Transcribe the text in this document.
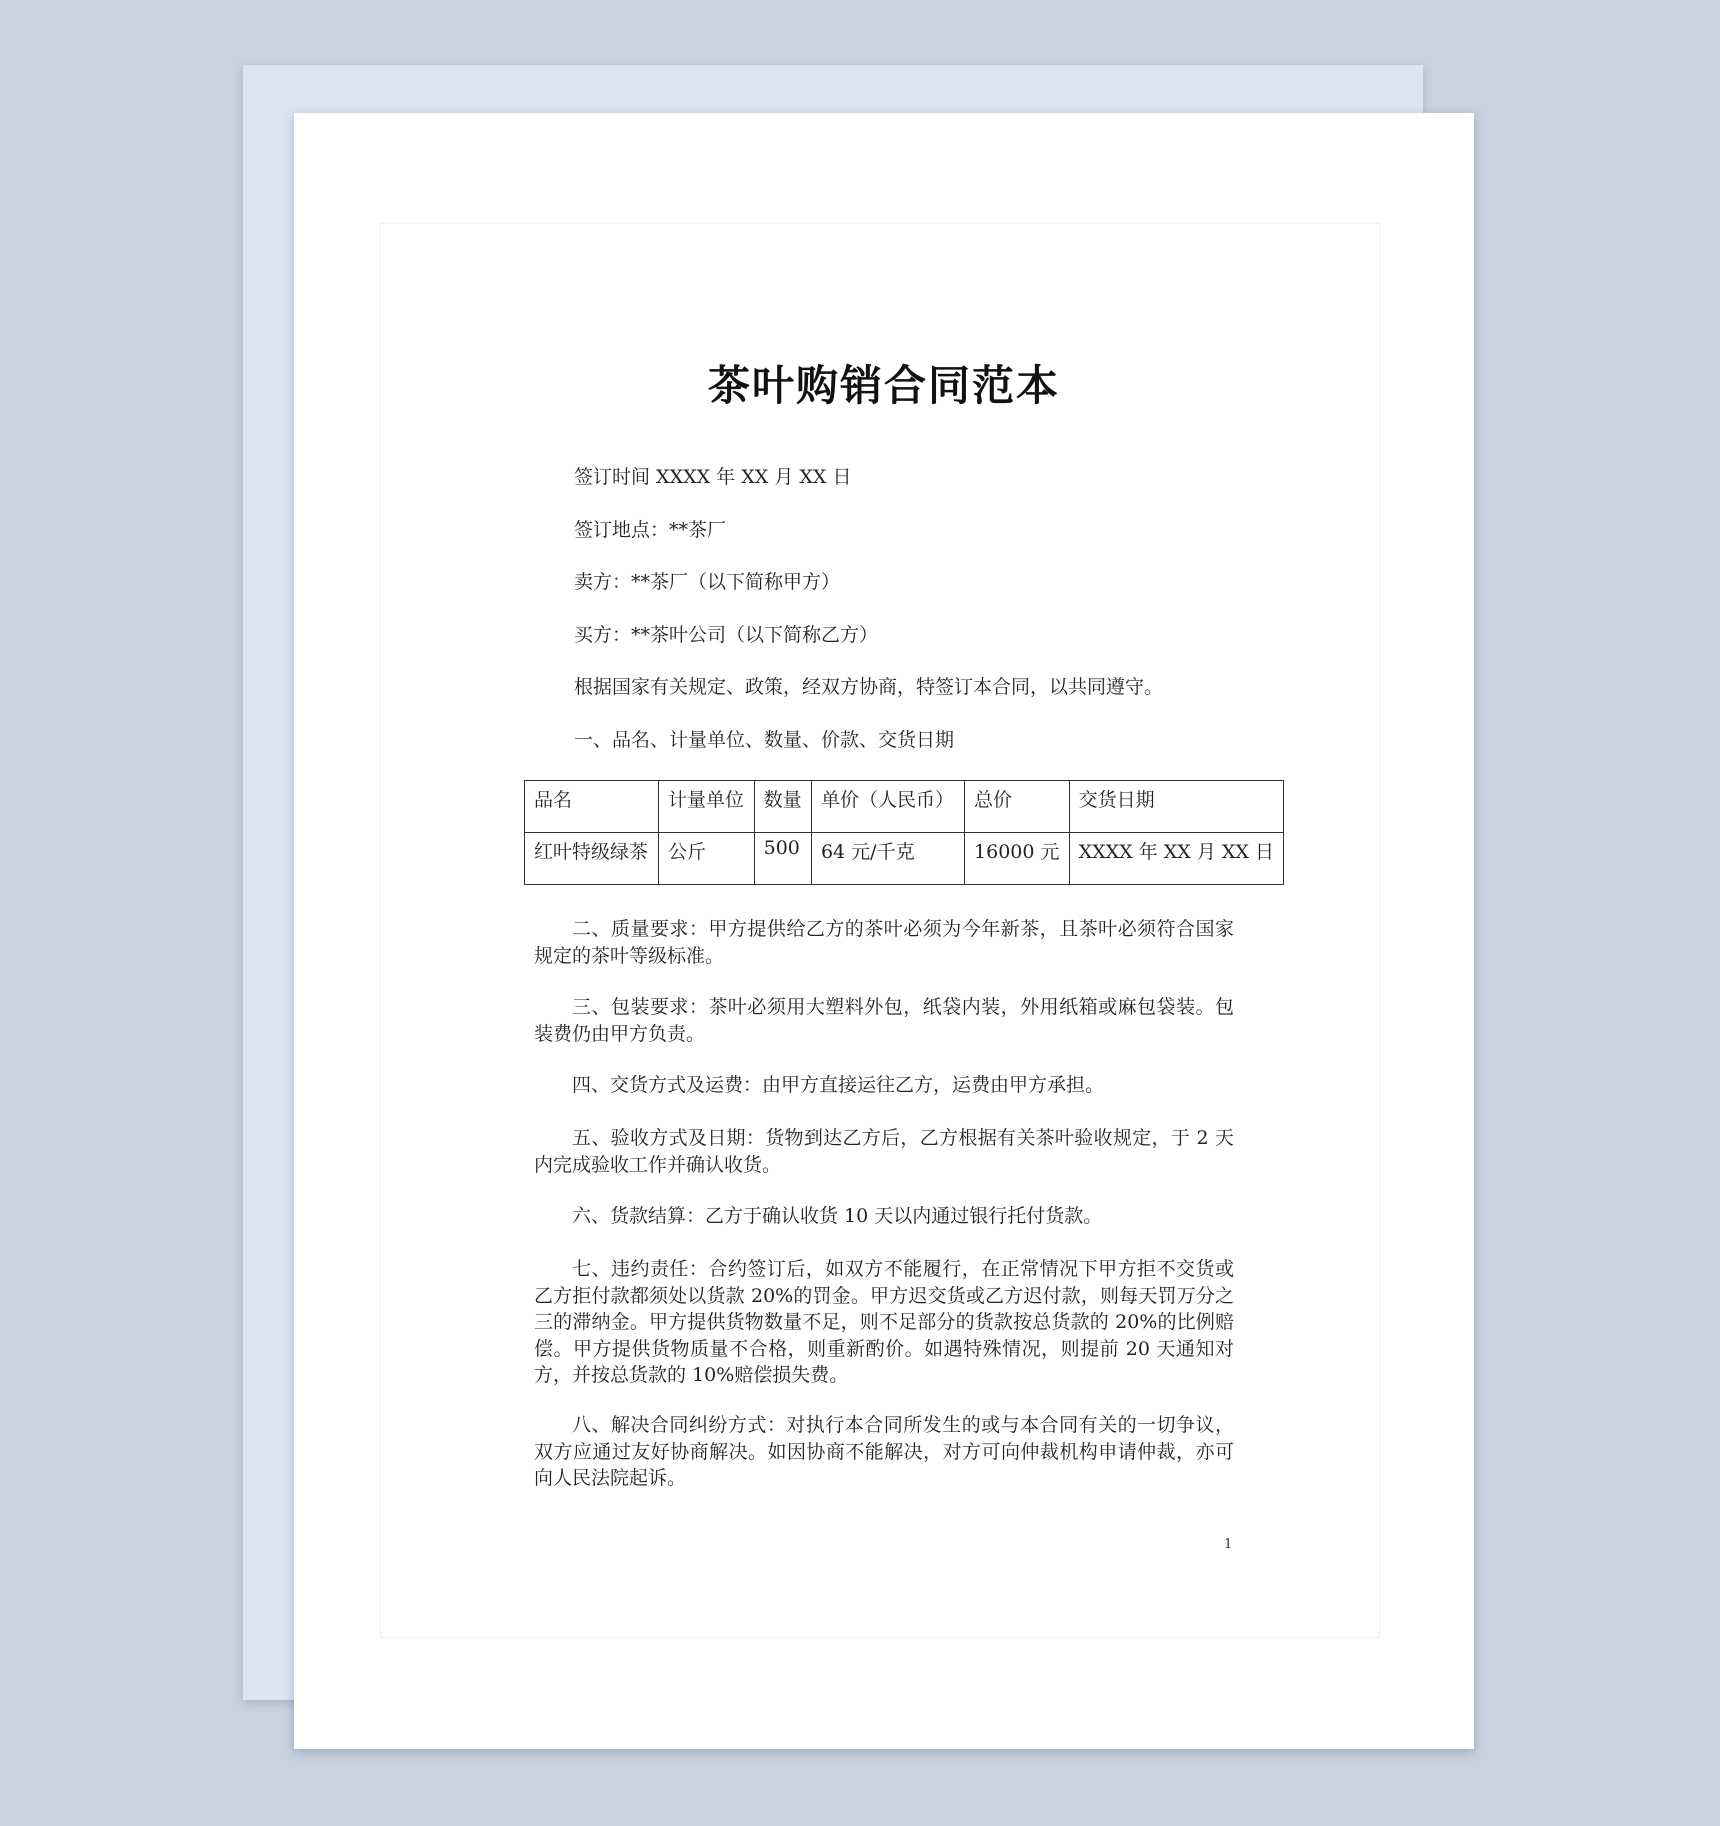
茶叶购销合同范本
签订时间 XXXX 年 XX 月 XX 日
签订地点：**茶厂
卖方：**茶厂（以下简称甲方）
买方：**茶叶公司（以下简称乙方）
根据国家有关规定、政策，经双方协商，特签订本合同，以共同遵守。
一、品名、计量单位、数量、价款、交货日期
品名	计量单位	数量	单价（人民币）	总价	交货日期
红叶特级绿茶	公斤	500	64 元/千克	16000 元	XXXX 年 XX 月 XX 日
二、质量要求：甲方提供给乙方的茶叶必须为今年新茶，且茶叶必须符合国家规定的茶叶等级标准。
三、包装要求：茶叶必须用大塑料外包，纸袋内装，外用纸箱或麻包袋装。包装费仍由甲方负责。
四、交货方式及运费：由甲方直接运往乙方，运费由甲方承担。
五、验收方式及日期：货物到达乙方后，乙方根据有关茶叶验收规定，于 2 天内完成验收工作并确认收货。
六、货款结算：乙方于确认收货 10 天以内通过银行托付货款。
七、违约责任：合约签订后，如双方不能履行，在正常情况下甲方拒不交货或乙方拒付款都须处以货款 20%的罚金。甲方迟交货或乙方迟付款，则每天罚万分之三的滞纳金。甲方提供货物数量不足，则不足部分的货款按总货款的 20%的比例赔偿。甲方提供货物质量不合格，则重新酌价。如遇特殊情况，则提前 20 天通知对方，并按总货款的 10%赔偿损失费。
八、解决合同纠纷方式：对执行本合同所发生的或与本合同有关的一切争议，双方应通过友好协商解决。如因协商不能解决，对方可向仲裁机构申请仲裁，亦可向人民法院起诉。
1
